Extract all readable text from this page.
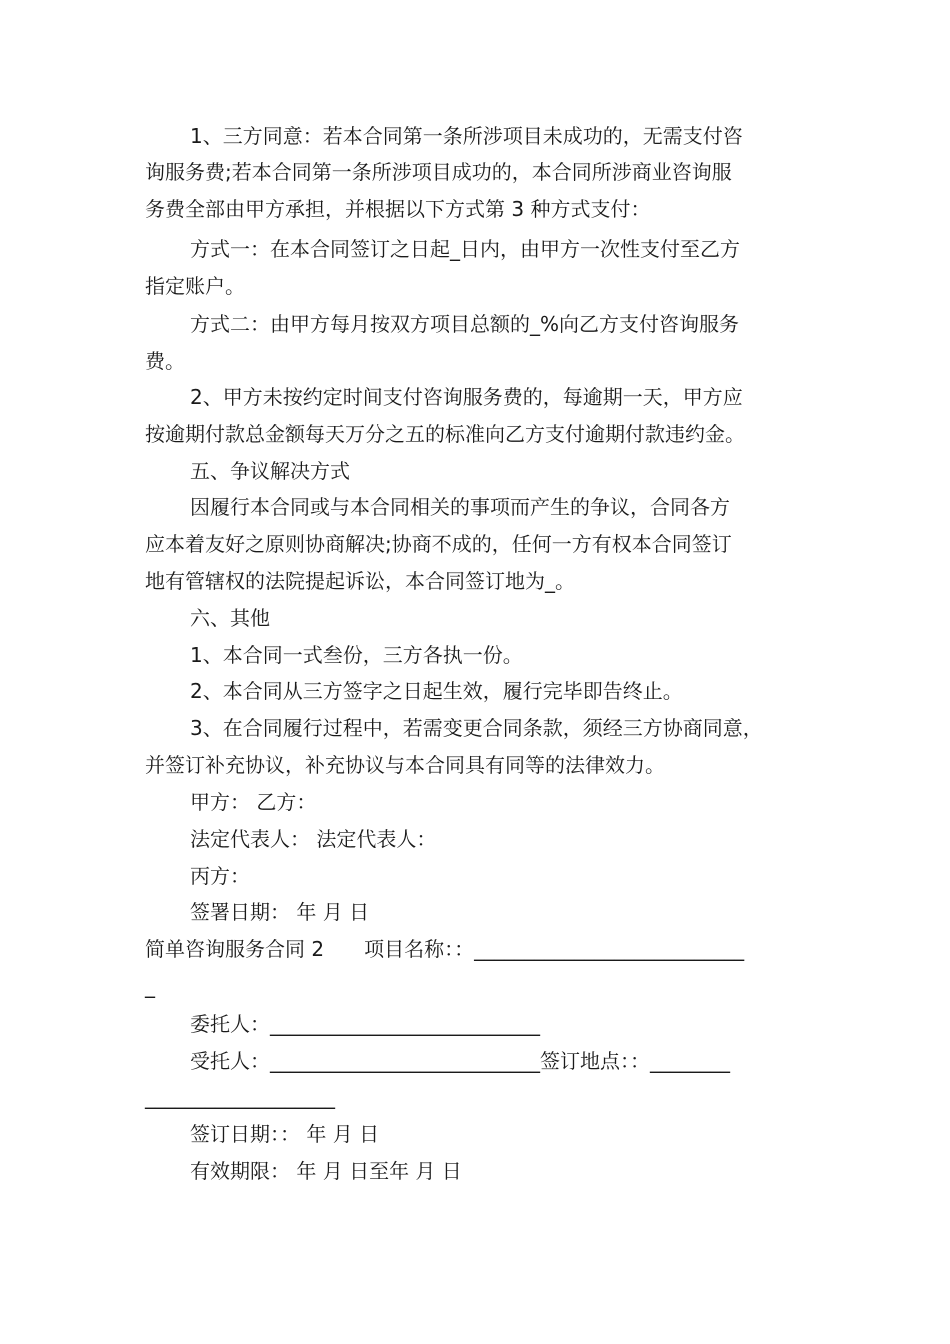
1、三方同意：若本合同第一条所涉项目未成功的，无需支付咨
询服务费;若本合同第一条所涉项目成功的，本合同所涉商业咨询服
务费全部由甲方承担，并根据以下方式第 3 种方式支付：
方式一：在本合同签订之日起_日内，由甲方一次性支付至乙方
指定账户。
方式二：由甲方每月按双方项目总额的_%向乙方支付咨询服务
费。
2、甲方未按约定时间支付咨询服务费的，每逾期一天，甲方应
按逾期付款总金额每天万分之五的标准向乙方支付逾期付款违约金。
五、争议解决方式
因履行本合同或与本合同相关的事项而产生的争议，合同各方
应本着友好之原则协商解决;协商不成的，任何一方有权本合同签订
地有管辖权的法院提起诉讼，本合同签订地为_。
六、其他
1、本合同一式叁份，三方各执一份。
2、本合同从三方签字之日起生效，履行完毕即告终止。
3、在合同履行过程中，若需变更合同条款，须经三方协商同意，
并签订补充协议，补充协议与本合同具有同等的法律效力。
甲方： 乙方：
法定代表人： 法定代表人：
丙方：
签署日期： 年 月 日
简单咨询服务合同 2　　项目名称：：___________________________
_
委托人：___________________________
受托人：___________________________签订地点：：________
___________________
签订日期：： 年 月 日
有效期限： 年 月 日至年 月 日
